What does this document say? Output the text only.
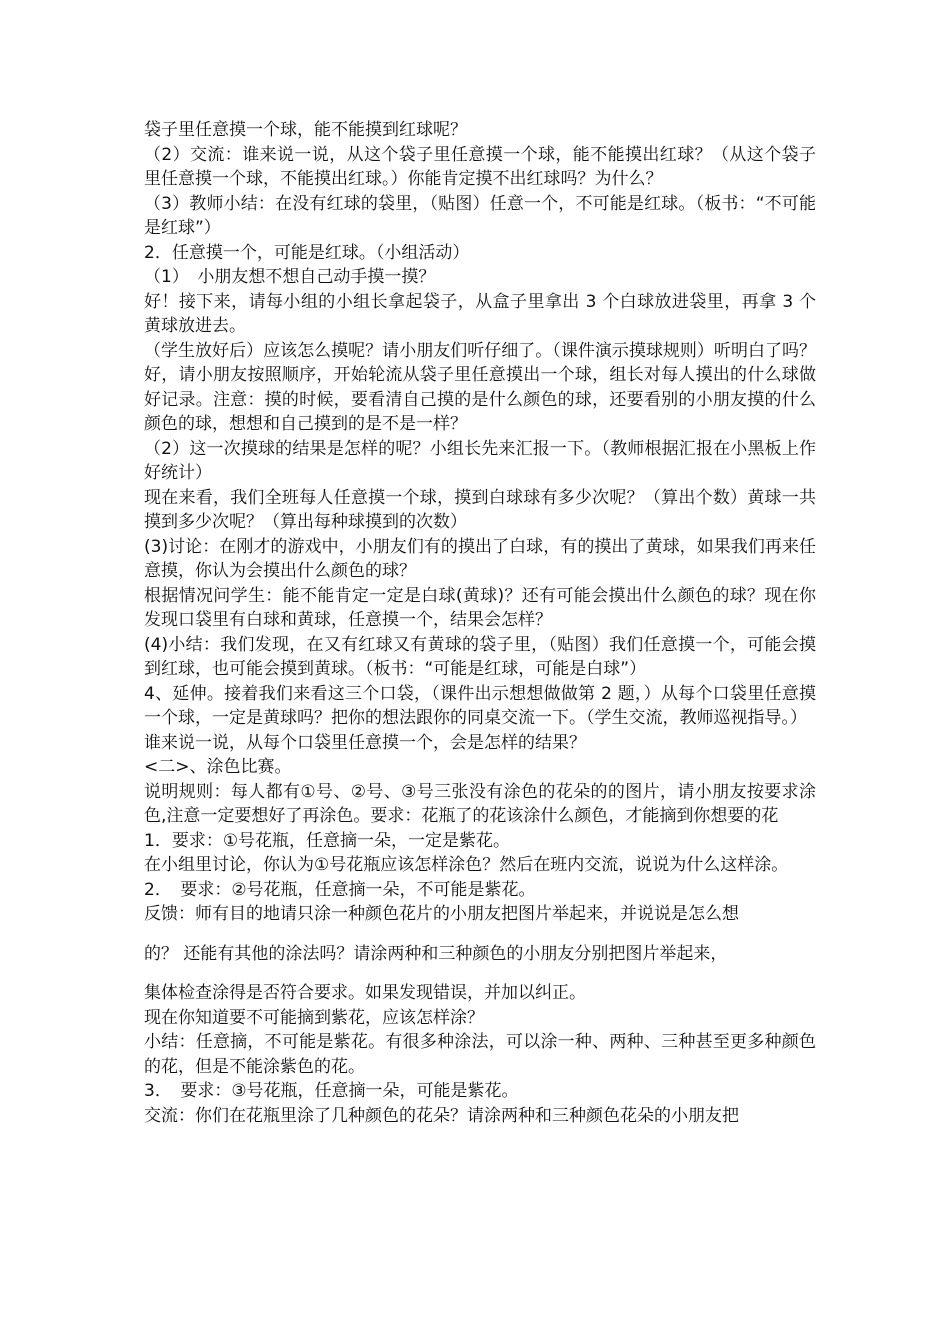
袋子里任意摸一个球，能不能摸到红球呢？

（2）交流：谁来说一说，从这个袋子里任意摸一个球，能不能摸出红球？（从这个袋子里任意摸一个球，不能摸出红球。）你能肯定摸不出红球吗？为什么？

（3）教师小结：在没有红球的袋里，（贴图）任意一个，不可能是红球。（板书：“不可能是红球”）

2．任意摸一个，可能是红球。（小组活动）

（1）　小朋友想不想自己动手摸一摸？

好！接下来，请每小组的小组长拿起袋子，从盒子里拿出 3 个白球放进袋里，再拿 3 个黄球放进去。

（学生放好后）应该怎么摸呢？请小朋友们听仔细了。（课件演示摸球规则）听明白了吗？好，请小朋友按照顺序，开始轮流从袋子里任意摸出一个球，组长对每人摸出的什么球做好记录。注意：摸的时候，要看清自己摸的是什么颜色的球，还要看别的小朋友摸的什么颜色的球，想想和自己摸到的是不是一样？

（2）这一次摸球的结果是怎样的呢？小组长先来汇报一下。（教师根据汇报在小黑板上作好统计）

现在来看，我们全班每人任意摸一个球，摸到白球球有多少次呢？（算出个数）黄球一共摸到多少次呢？（算出每种球摸到的次数）

(3)讨论：在刚才的游戏中，小朋友们有的摸出了白球，有的摸出了黄球，如果我们再来任意摸，你认为会摸出什么颜色的球？

根据情况问学生：能不能肯定一定是白球(黄球)？还有可能会摸出什么颜色的球？现在你发现口袋里有白球和黄球，任意摸一个，结果会怎样？

(4)小结：我们发现，在又有红球又有黄球的袋子里，（贴图）我们任意摸一个，可能会摸到红球，也可能会摸到黄球。（板书：“可能是红球，可能是白球”）

4、延伸。接着我们来看这三个口袋，（课件出示想想做做第 2 题，）从每个口袋里任意摸一个球，一定是黄球吗？把你的想法跟你的同桌交流一下。（学生交流，教师巡视指导。）

谁来说一说，从每个口袋里任意摸一个，会是怎样的结果？

<二>、涂色比赛。

说明规则：每人都有①号、②号、③号三张没有涂色的花朵的的图片，请小朋友按要求涂色,注意一定要想好了再涂色。要求：花瓶了的花该涂什么颜色，才能摘到你想要的花

1．要求：①号花瓶，任意摘一朵，一定是紫花。

在小组里讨论，你认为①号花瓶应该怎样涂色？然后在班内交流，说说为什么这样涂。

2．　要求：②号花瓶，任意摘一朵，不可能是紫花。

反馈：师有目的地请只涂一种颜色花片的小朋友把图片举起来，并说说是怎么想

的？ 还能有其他的涂法吗？请涂两种和三种颜色的小朋友分别把图片举起来，

集体检查涂得是否符合要求。如果发现错误，并加以纠正。

现在你知道要不可能摘到紫花，应该怎样涂？

小结：任意摘，不可能是紫花。有很多种涂法，可以涂一种、两种、三种甚至更多种颜色的花，但是不能涂紫色的花。

3．　要求：③号花瓶，任意摘一朵，可能是紫花。

交流：你们在花瓶里涂了几种颜色的花朵？请涂两种和三种颜色花朵的小朋友把
